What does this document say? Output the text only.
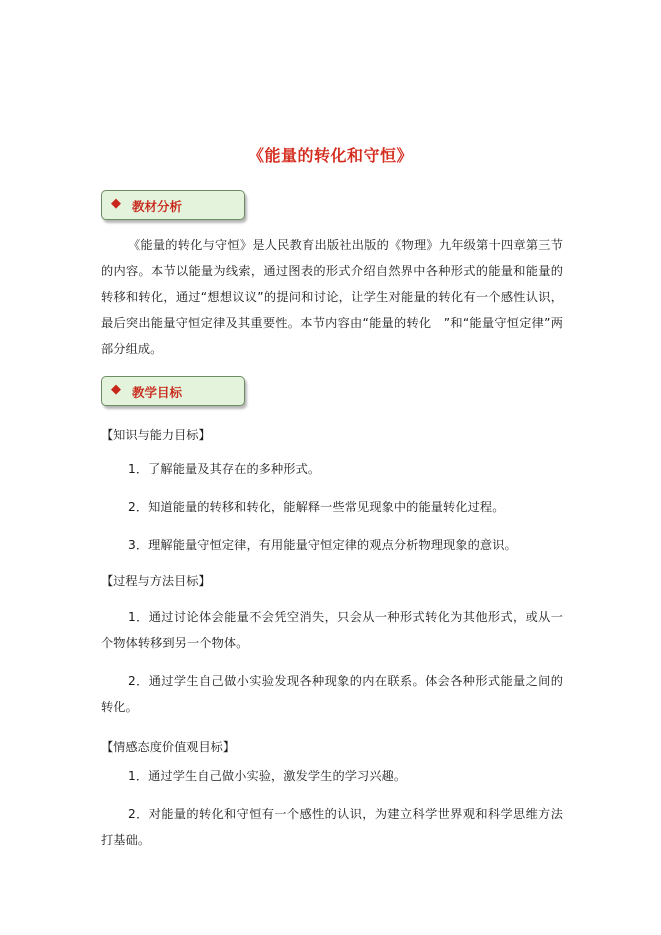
《能量的转化和守恒》
◆ 教材分析

《能量的转化与守恒》是人民教育出版社出版的《物理》九年级第十四章第三节的内容。本节以能量为线索，通过图表的形式介绍自然界中各种形式的能量和能量的转移和转化，通过“想想议议”的提问和讨论，让学生对能量的转化有一个感性认识，最后突出能量守恒定律及其重要性。本节内容由“能量的转化　”和“能量守恒定律”两部分组成。

◆ 教学目标

【知识与能力目标】

1．了解能量及其存在的多种形式。

2．知道能量的转移和转化，能解释一些常见现象中的能量转化过程。

3．理解能量守恒定律，有用能量守恒定律的观点分析物理现象的意识。

【过程与方法目标】

1．通过讨论体会能量不会凭空消失，只会从一种形式转化为其他形式，或从一个物体转移到另一个物体。

2．通过学生自己做小实验发现各种现象的内在联系。体会各种形式能量之间的转化。

【情感态度价值观目标】

1．通过学生自己做小实验，激发学生的学习兴趣。

2．对能量的转化和守恒有一个感性的认识，为建立科学世界观和科学思维方法打基础。
